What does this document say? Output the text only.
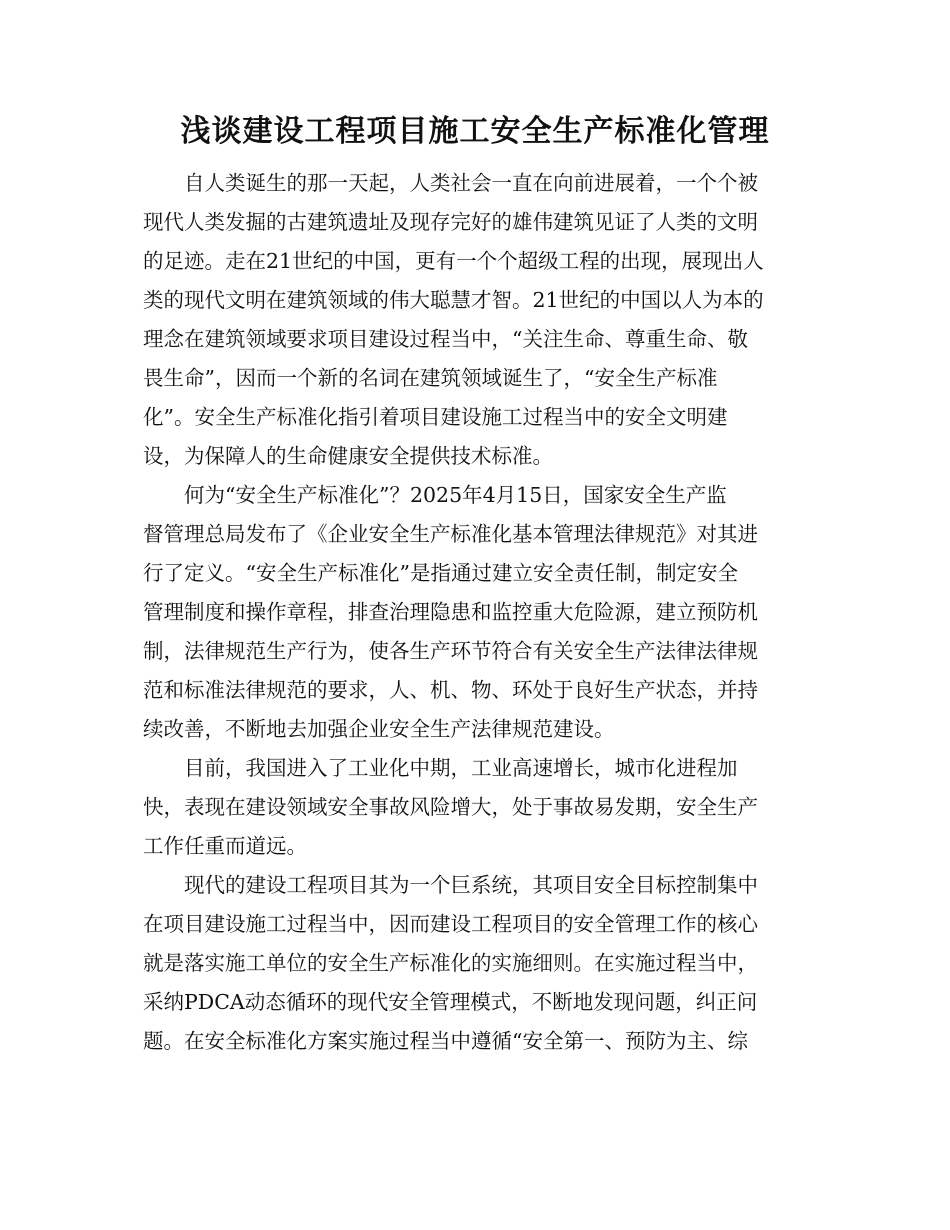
浅谈建设工程项目施工安全生产标准化管理
自人类诞生的那一天起，人类社会一直在向前进展着，一个个被
现代人类发掘的古建筑遗址及现存完好的雄伟建筑见证了人类的文明
的足迹。走在21世纪的中国，更有一个个超级工程的出现，展现出人
类的现代文明在建筑领域的伟大聪慧才智。21世纪的中国以人为本的
理念在建筑领域要求项目建设过程当中，“关注生命、尊重生命、敬
畏生命”，因而一个新的名词在建筑领域诞生了，“安全生产标准
化”。安全生产标准化指引着项目建设施工过程当中的安全文明建
设，为保障人的生命健康安全提供技术标准。
何为“安全生产标准化”？2025年4月15日，国家安全生产监
督管理总局发布了《企业安全生产标准化基本管理法律规范》对其进
行了定义。“安全生产标准化”是指通过建立安全责任制，制定安全
管理制度和操作章程，排查治理隐患和监控重大危险源，建立预防机
制，法律规范生产行为，使各生产环节符合有关安全生产法律法律规
范和标准法律规范的要求，人、机、物、环处于良好生产状态，并持
续改善，不断地去加强企业安全生产法律规范建设。
目前，我国进入了工业化中期，工业高速增长，城市化进程加
快，表现在建设领域安全事故风险增大，处于事故易发期，安全生产
工作任重而道远。
现代的建设工程项目其为一个巨系统，其项目安全目标控制集中
在项目建设施工过程当中，因而建设工程项目的安全管理工作的核心
就是落实施工单位的安全生产标准化的实施细则。在实施过程当中，
采纳PDCA动态循环的现代安全管理模式，不断地发现问题，纠正问
题。在安全标准化方案实施过程当中遵循“安全第一、预防为主、综
